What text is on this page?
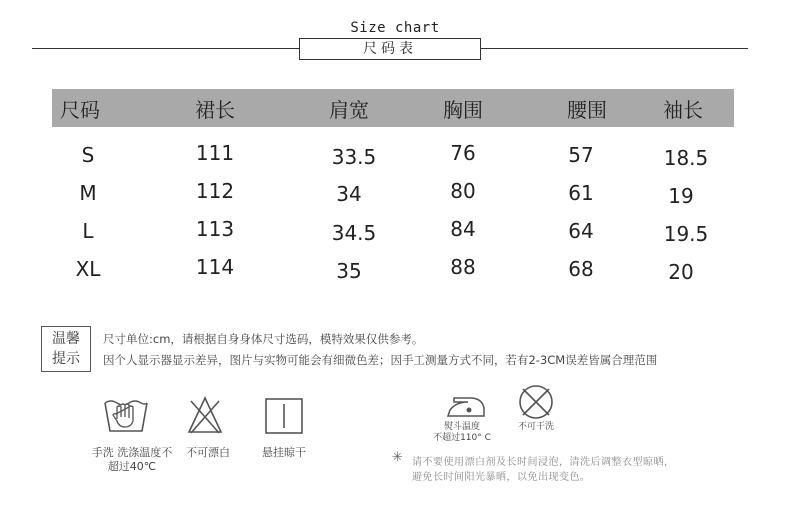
Size chart
尺码表
尺码	裙长	肩宽	胸围	腰围	袖长
S	111	33.5	76	57	18.5
M	112	34	80	61	19
L	113	34.5	84	64	19.5
XL	114	35	88	68	20
温馨
提示
尺寸单位:cm，请根据自身身体尺寸选码，模特效果仅供参考。
因个人显示器显示差异，图片与实物可能会有细微色差；因手工测量方式不同，若有2-3CM误差皆属合理范围
手洗 洗涤温度不
超过40℃
不可漂白	悬挂晾干
熨斗温度
不超过110° C
不可干洗
✳ 请不要使用漂白剂及长时间浸泡，清洗后调整衣型晾晒，
避免长时间阳光暴晒，以免出现变色。
